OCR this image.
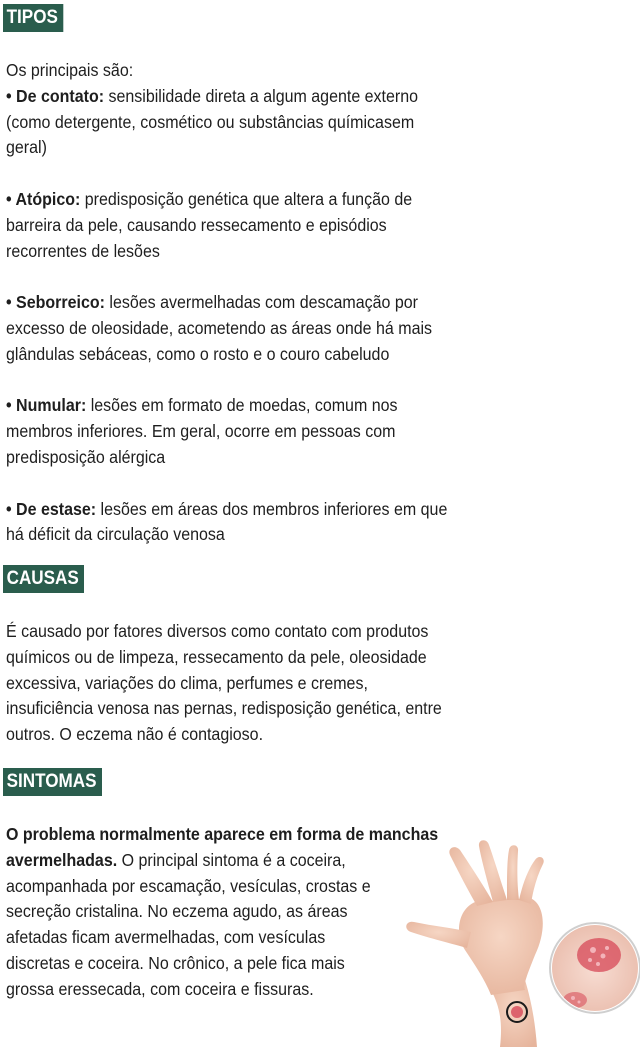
TIPOS
Os principais são:
• De contato: sensibilidade direta a algum agente externo
(como detergente, cosmético ou substâncias químicasem
geral)
• Atópico: predisposição genética que altera a função de
barreira da pele, causando ressecamento e episódios
recorrentes de lesões
• Seborreico: lesões avermelhadas com descamação por
excesso de oleosidade, acometendo as áreas onde há mais
glândulas sebáceas, como o rosto e o couro cabeludo
• Numular: lesões em formato de moedas, comum nos
membros inferiores. Em geral, ocorre em pessoas com
predisposição alérgica
• De estase: lesões em áreas dos membros inferiores em que
há déficit da circulação venosa
CAUSAS
É causado por fatores diversos como contato com produtos
químicos ou de limpeza, ressecamento da pele, oleosidade
excessiva, variações do clima, perfumes e cremes,
insuficiência venosa nas pernas, redisposição genética, entre
outros. O eczema não é contagioso.
SINTOMAS
O problema normalmente aparece em forma de manchas
avermelhadas. O principal sintoma é a coceira,
acompanhada por escamação, vesículas, crostas e
secreção cristalina. No eczema agudo, as áreas
afetadas ficam avermelhadas, com vesículas
discretas e coceira. No crônico, a pele fica mais
grossa eressecada, com coceira e fissuras.
